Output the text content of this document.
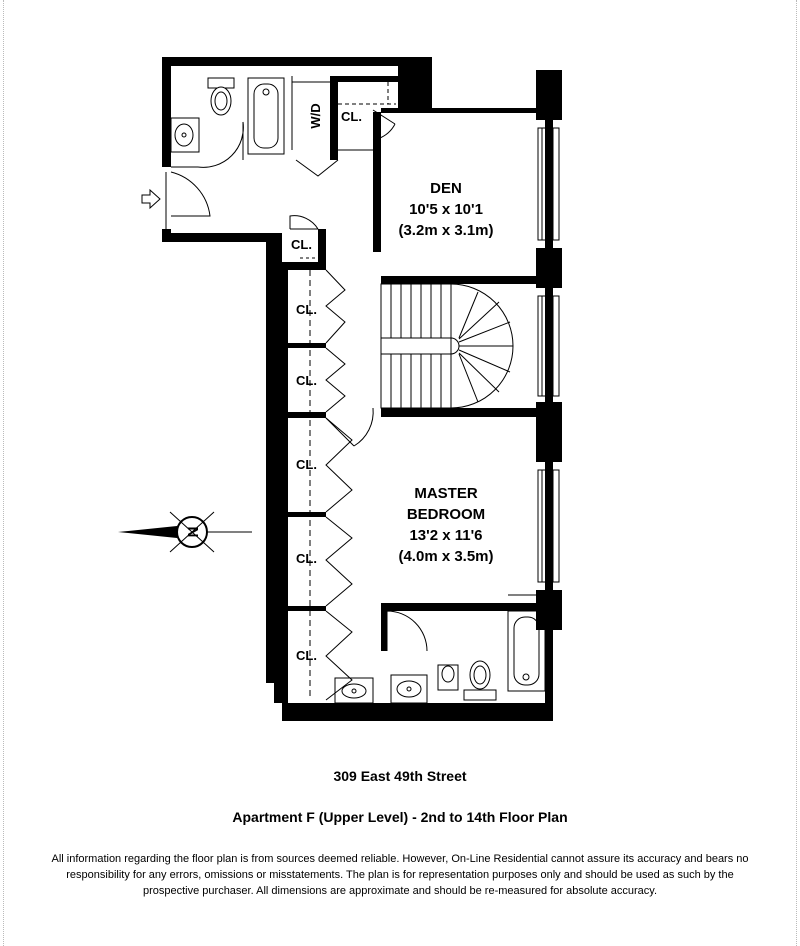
N
W/D CL.
CL.
CL.
CL.
CL.
CL.
CL.
DEN
10'5 x 10'1
(3.2m x 3.1m)
MASTER
BEDROOM
13'2 x 11'6
(4.0m x 3.5m)
309 East 49th Street
Apartment F (Upper Level) - 2nd to 14th Floor Plan
All information regarding the floor plan is from sources deemed reliable. However, On-Line Residential cannot assure its accuracy and bears no responsibility for any errors, omissions or misstatements. The plan is for representation purposes only and should be used as such by the prospective purchaser. All dimensions are approximate and should be re-measured for absolute accuracy.
